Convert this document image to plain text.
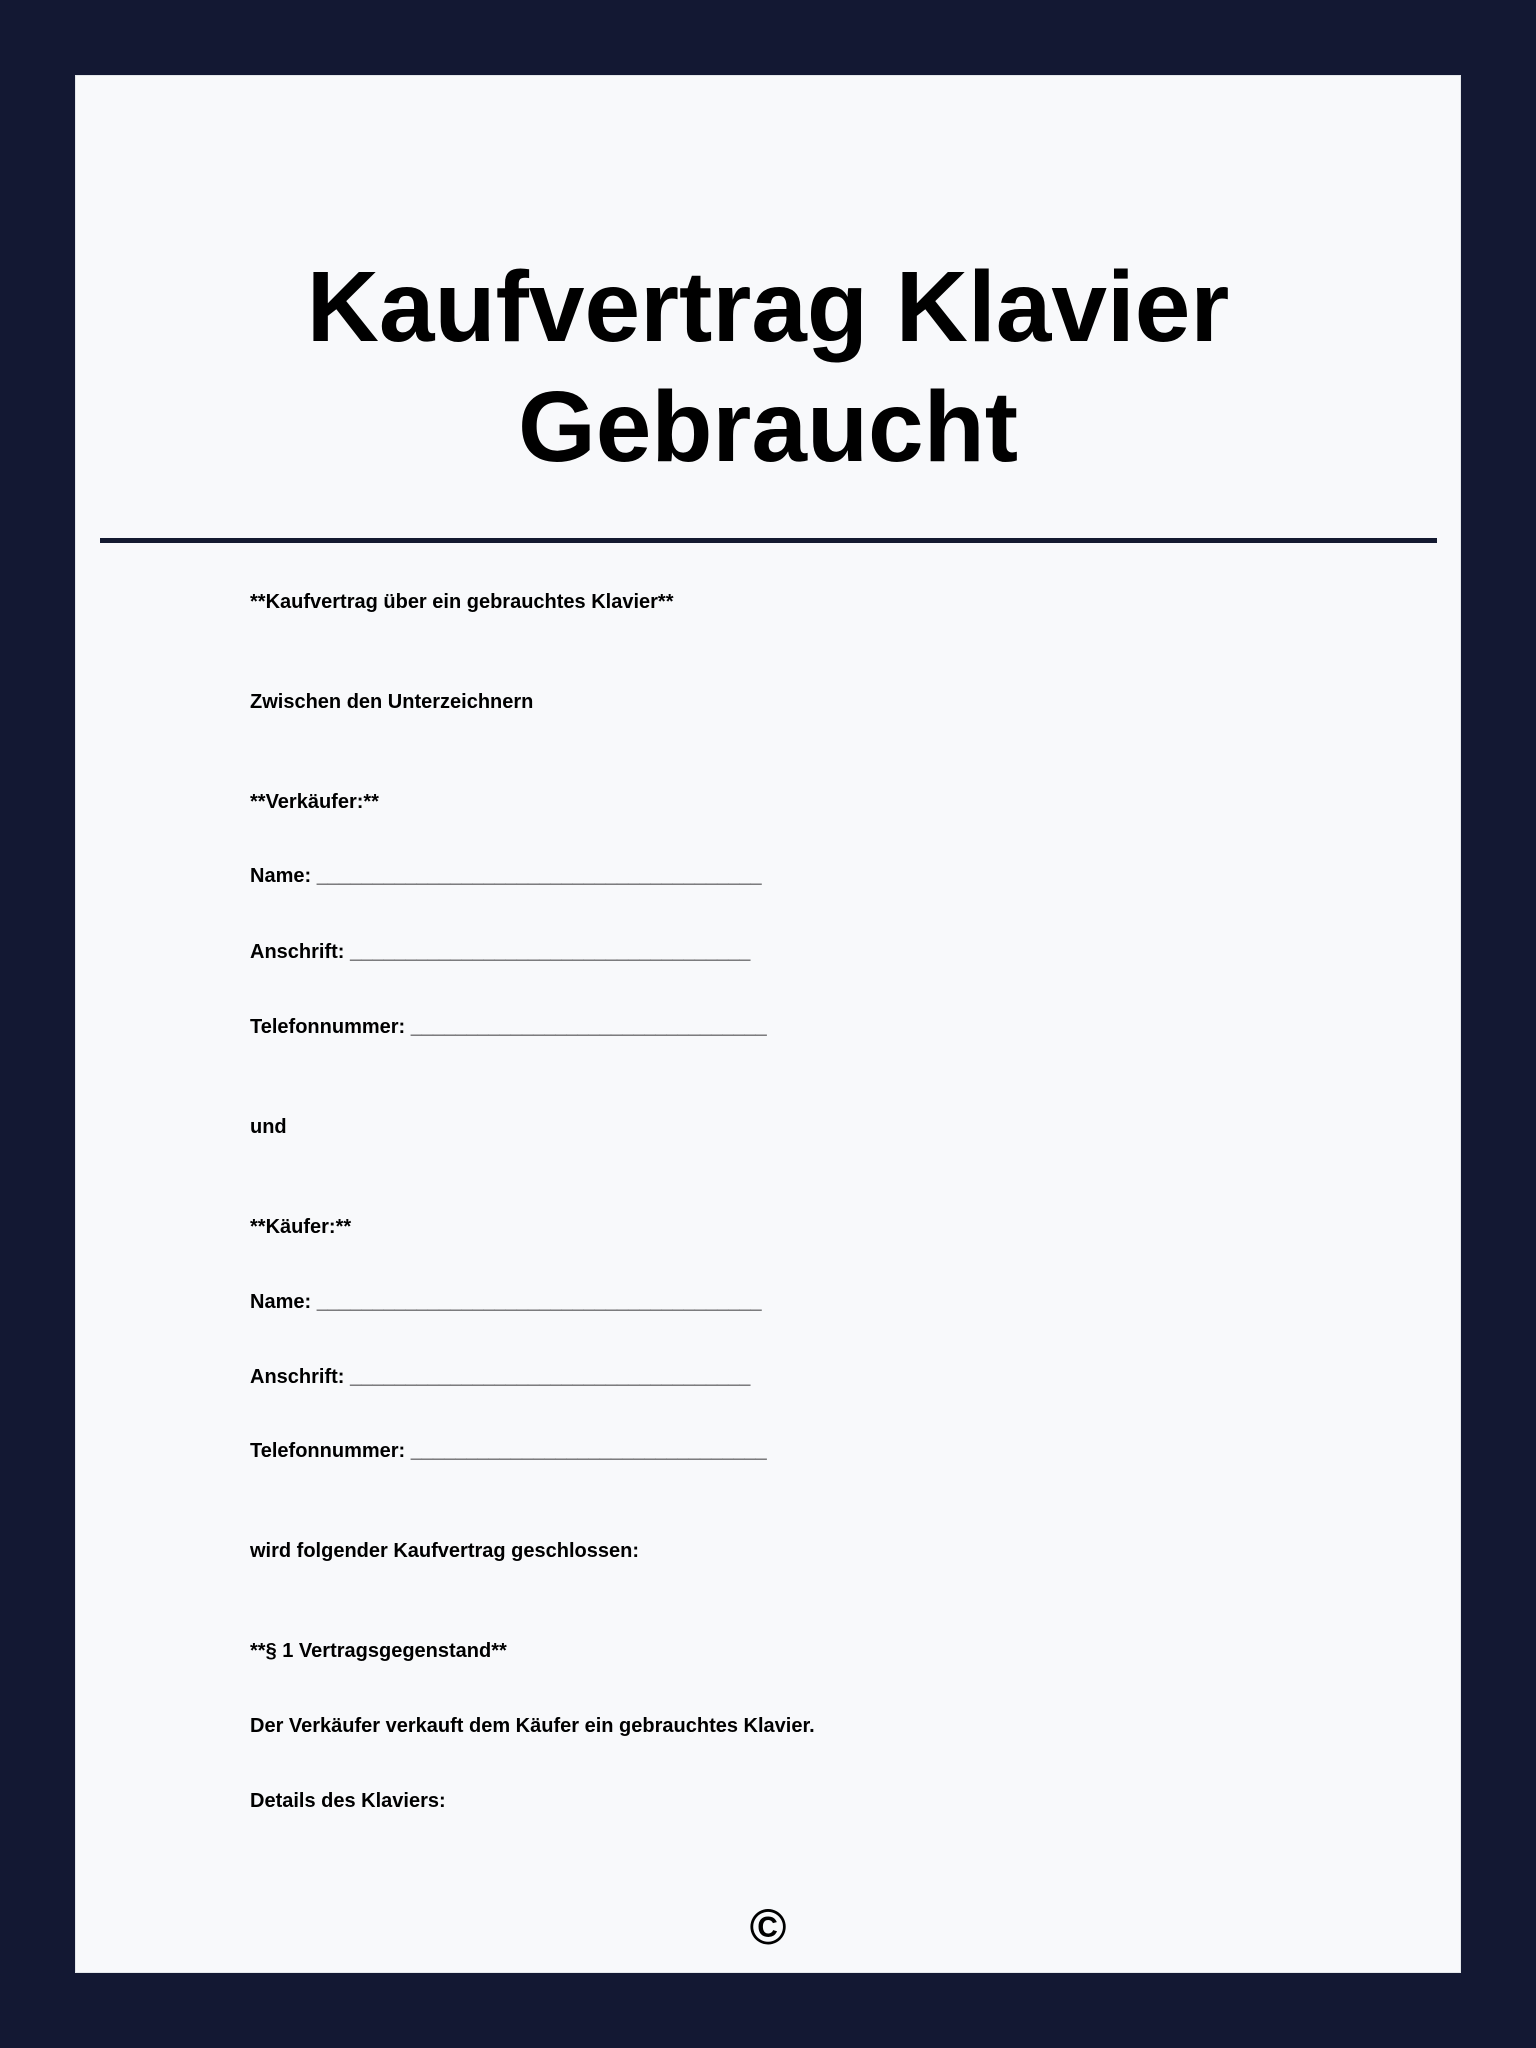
Kaufvertrag Klavier
Gebraucht
**Kaufvertrag über ein gebrauchtes Klavier**
Zwischen den Unterzeichnern
**Verkäufer:**
Name: ________________________________________
Anschrift: ____________________________________
Telefonnummer: ________________________________
und
**Käufer:**
Name: ________________________________________
Anschrift: ____________________________________
Telefonnummer: ________________________________
wird folgender Kaufvertrag geschlossen:
**§ 1 Vertragsgegenstand**
Der Verkäufer verkauft dem Käufer ein gebrauchtes Klavier.
Details des Klaviers:
©
